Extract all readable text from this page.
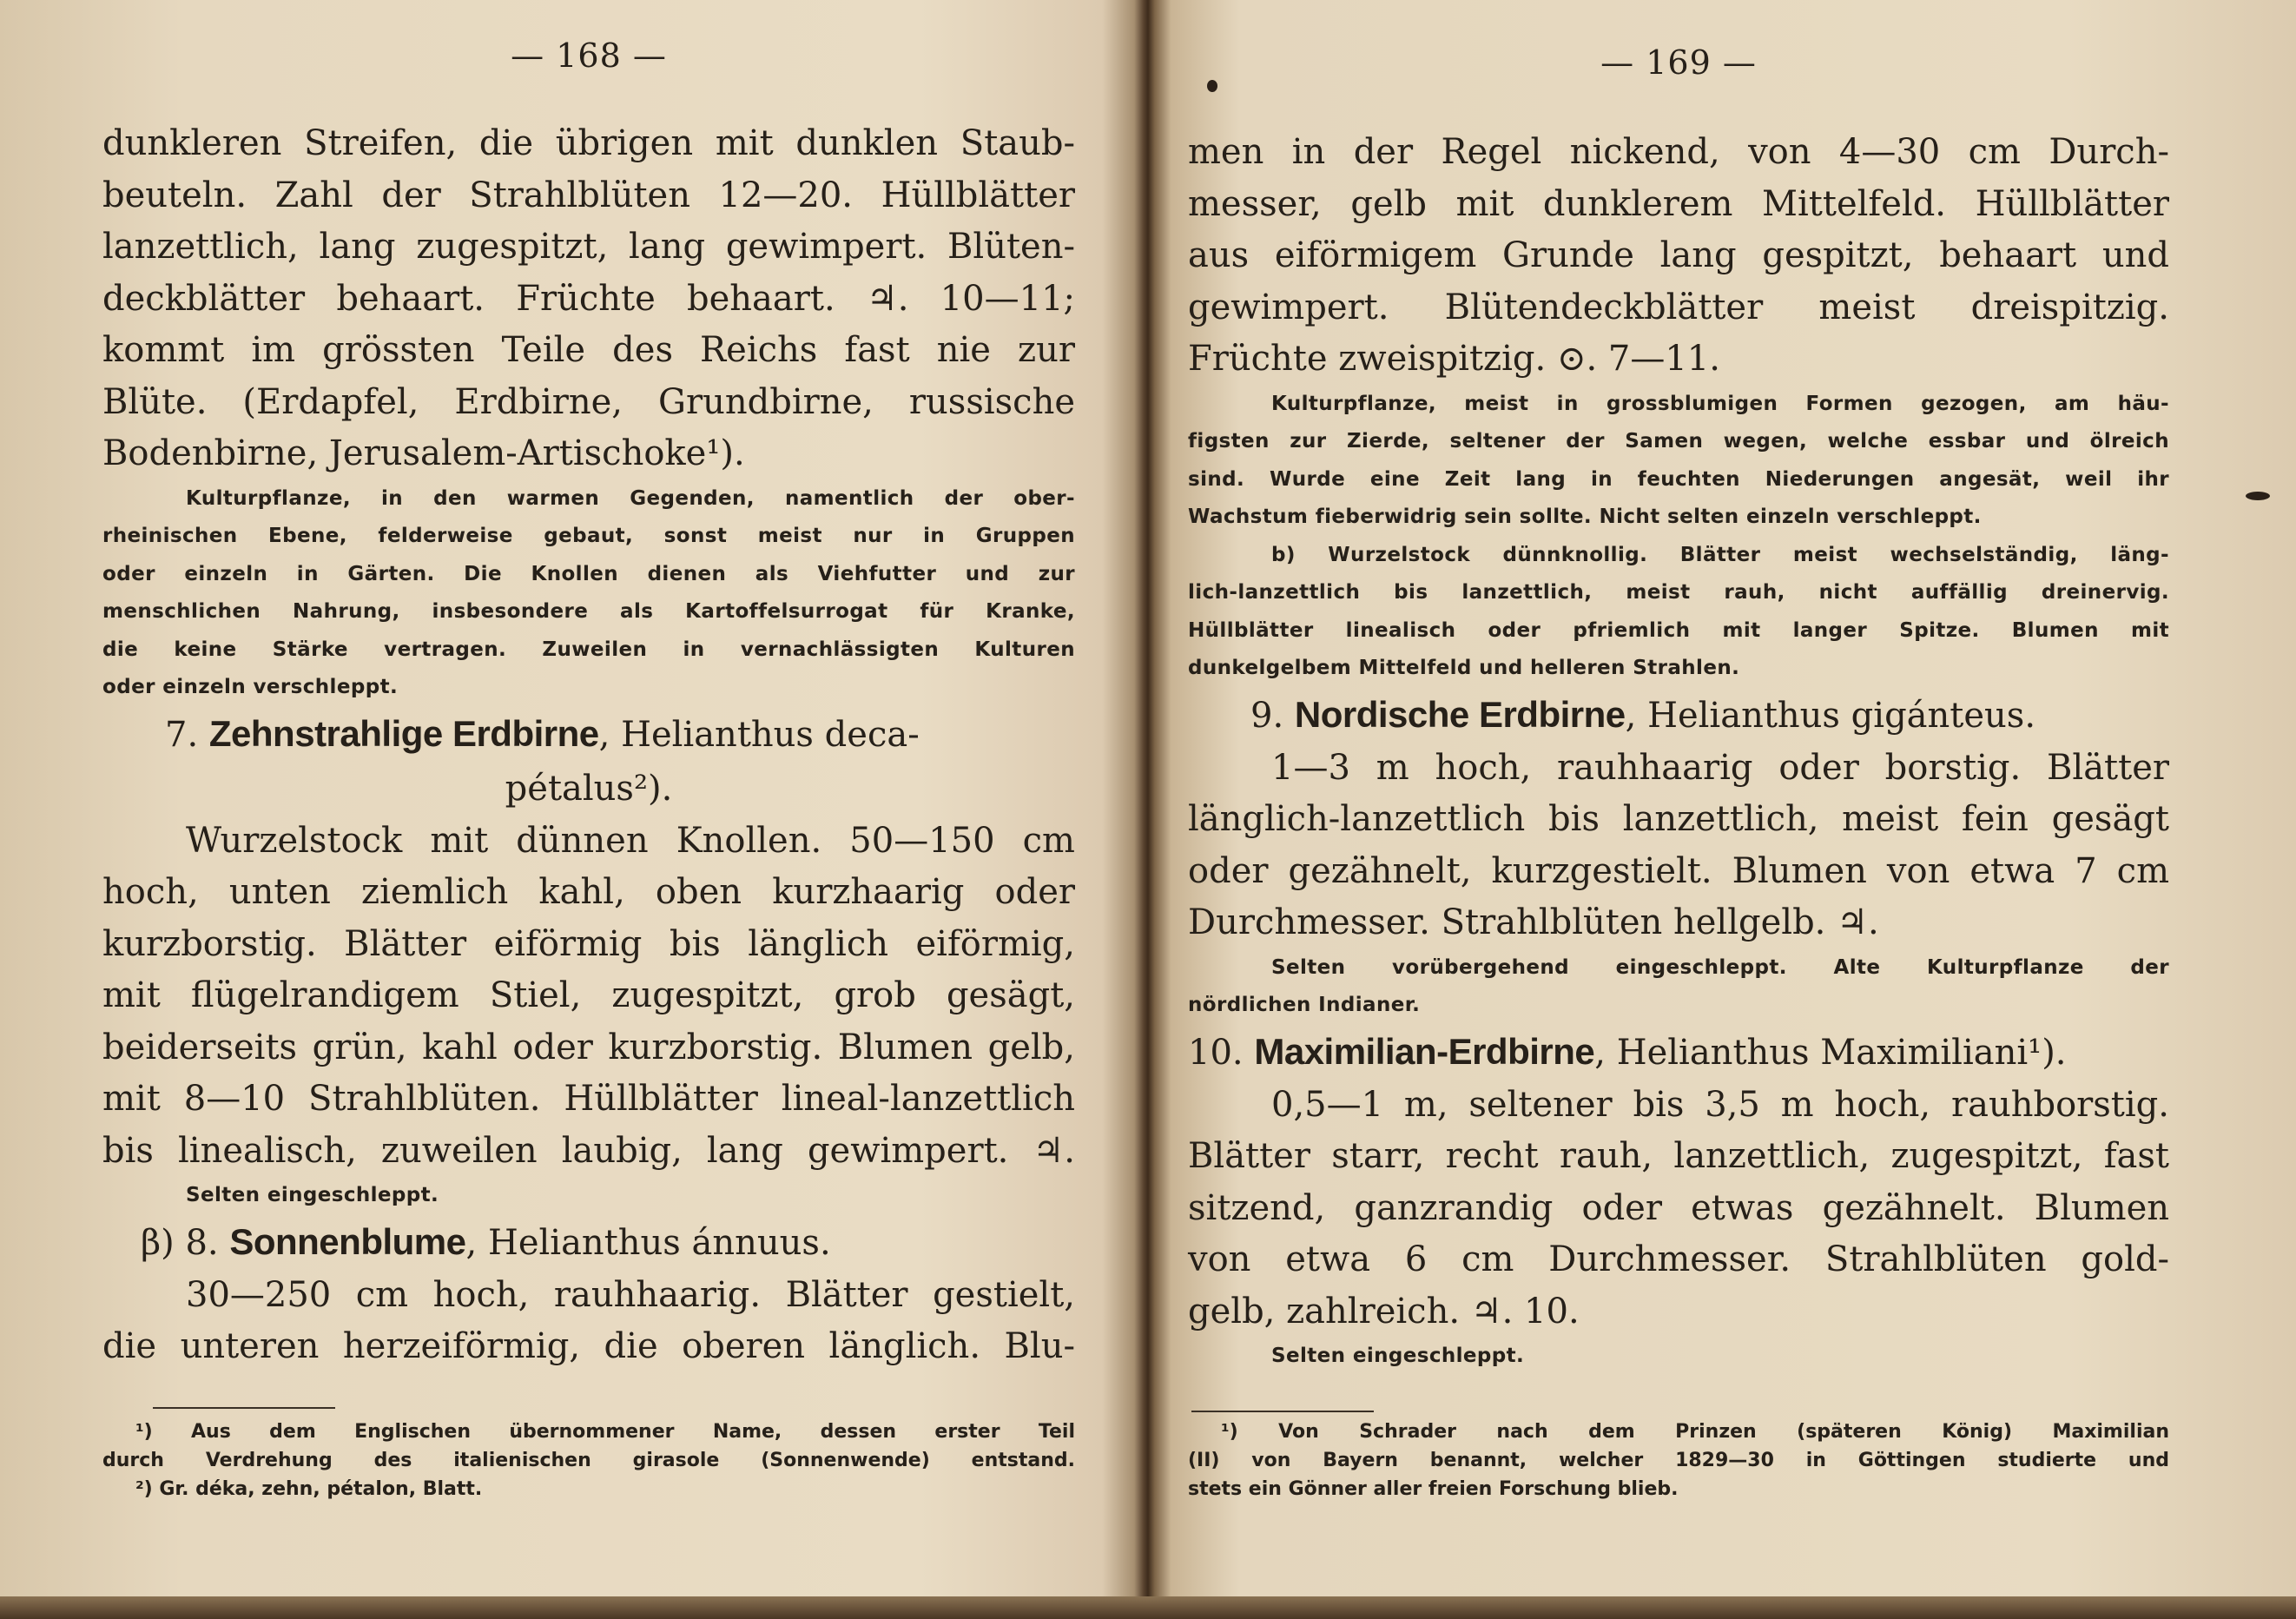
— 168 —
dunkleren Streifen, die übrigen mit dunklen Staub-
beuteln. Zahl der Strahlblüten 12—20. Hüllblätter
lanzettlich, lang zugespitzt, lang gewimpert. Blüten-
deckblätter behaart. Früchte behaart. ♃. 10—11;
kommt im grössten Teile des Reichs fast nie zur
Blüte. (Erdapfel, Erdbirne, Grundbirne, russische
Bodenbirne, Jerusalem-Artischoke¹).
Kulturpflanze, in den warmen Gegenden, namentlich der ober-
rheinischen Ebene, felderweise gebaut, sonst meist nur in Gruppen
oder einzeln in Gärten. Die Knollen dienen als Viehfutter und zur
menschlichen Nahrung, insbesondere als Kartoffelsurrogat für Kranke,
die keine Stärke vertragen. Zuweilen in vernachlässigten Kulturen
oder einzeln verschleppt.
7. Zehnstrahlige Erdbirne, Helianthus deca-
pétalus²).
Wurzelstock mit dünnen Knollen. 50—150 cm
hoch, unten ziemlich kahl, oben kurzhaarig oder
kurzborstig. Blätter eiförmig bis länglich eiförmig,
mit flügelrandigem Stiel, zugespitzt, grob gesägt,
beiderseits grün, kahl oder kurzborstig. Blumen gelb,
mit 8—10 Strahlblüten. Hüllblätter lineal-lanzettlich
bis linealisch, zuweilen laubig, lang gewimpert. ♃.
Selten eingeschleppt.
β) 8. Sonnenblume, Helianthus ánnuus.
30—250 cm hoch, rauhhaarig. Blätter gestielt,
die unteren herzeiförmig, die oberen länglich. Blu-
¹) Aus dem Englischen übernommener Name, dessen erster Teil
durch Verdrehung des italienischen girasole (Sonnenwende) entstand.
²) Gr. déka, zehn, pétalon, Blatt.
— 169 —
men in der Regel nickend, von 4—30 cm Durch-
messer, gelb mit dunklerem Mittelfeld. Hüllblätter
aus eiförmigem Grunde lang gespitzt, behaart und
gewimpert. Blütendeckblätter meist dreispitzig.
Früchte zweispitzig. ⊙. 7—11.
Kulturpflanze, meist in grossblumigen Formen gezogen, am häu-
figsten zur Zierde, seltener der Samen wegen, welche essbar und ölreich
sind. Wurde eine Zeit lang in feuchten Niederungen angesät, weil ihr
Wachstum fieberwidrig sein sollte. Nicht selten einzeln verschleppt.
b) Wurzelstock dünnknollig. Blätter meist wechselständig, läng-
lich-lanzettlich bis lanzettlich, meist rauh, nicht auffällig dreinervig.
Hüllblätter linealisch oder pfriemlich mit langer Spitze. Blumen mit
dunkelgelbem Mittelfeld und helleren Strahlen.
9. Nordische Erdbirne, Helianthus gigánteus.
1—3 m hoch, rauhhaarig oder borstig. Blätter
länglich-lanzettlich bis lanzettlich, meist fein gesägt
oder gezähnelt, kurzgestielt. Blumen von etwa 7 cm
Durchmesser. Strahlblüten hellgelb. ♃.
Selten vorübergehend eingeschleppt. Alte Kulturpflanze der
nördlichen Indianer.
10. Maximilian-Erdbirne, Helianthus Maximiliani¹).
0,5—1 m, seltener bis 3,5 m hoch, rauhborstig.
Blätter starr, recht rauh, lanzettlich, zugespitzt, fast
sitzend, ganzrandig oder etwas gezähnelt. Blumen
von etwa 6 cm Durchmesser. Strahlblüten gold-
gelb, zahlreich. ♃. 10.
Selten eingeschleppt.
¹) Von Schrader nach dem Prinzen (späteren König) Maximilian
(II) von Bayern benannt, welcher 1829—30 in Göttingen studierte und
stets ein Gönner aller freien Forschung blieb.
